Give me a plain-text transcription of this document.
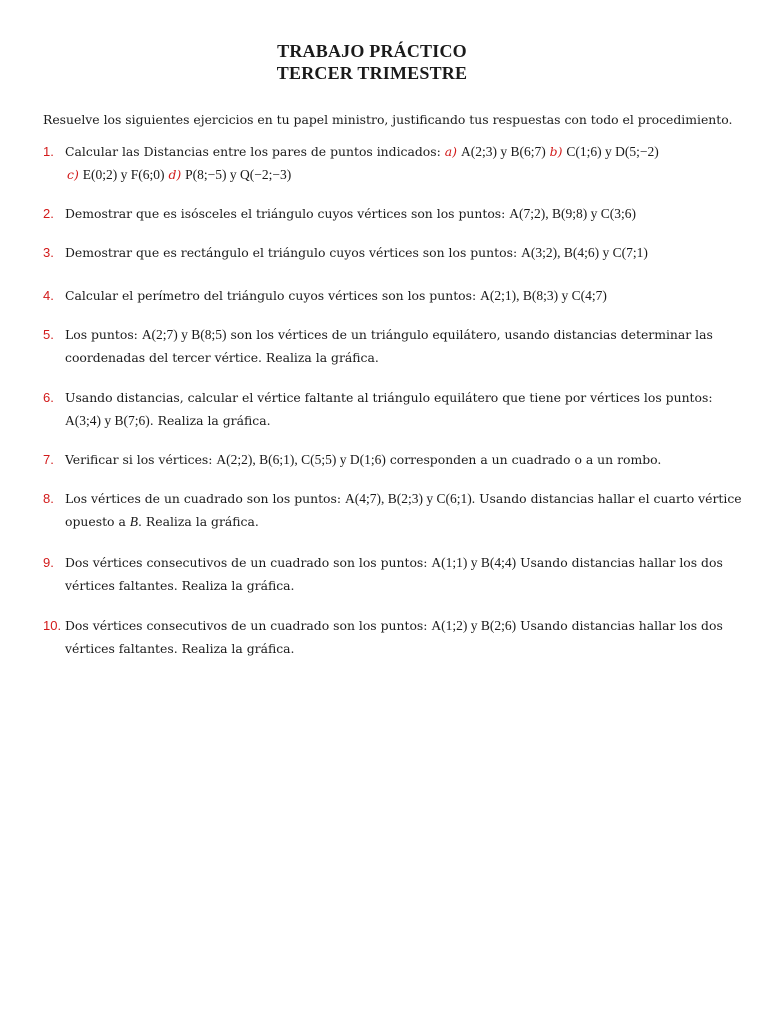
TRABAJO PRÁCTICO
TERCER TRIMESTRE
Resuelve los siguientes ejercicios en tu papel ministro, justificando tus respuestas con todo el procedimiento.
1. Calcular las Distancias entre los pares de puntos indicados: a) A(2;3) y B(6;7) b) C(1;6) y D(5;−2)
c) E(0;2) y F(6;0) d) P(8;−5) y Q(−2;−3)
2. Demostrar que es isósceles el triángulo cuyos vértices son los puntos: A(7;2), B(9;8) y C(3;6)
3. Demostrar que es rectángulo el triángulo cuyos vértices son los puntos: A(3;2), B(4;6) y C(7;1)
4. Calcular el perímetro del triángulo cuyos vértices son los puntos: A(2;1), B(8;3) y C(4;7)
5. Los puntos: A(2;7) y B(8;5) son los vértices de un triángulo equilátero, usando distancias determinar las
coordenadas del tercer vértice. Realiza la gráfica.
6. Usando distancias, calcular el vértice faltante al triángulo equilátero que tiene por vértices los puntos:
A(3;4) y B(7;6). Realiza la gráfica.
7. Verificar si los vértices: A(2;2), B(6;1), C(5;5) y D(1;6) corresponden a un cuadrado o a un rombo.
8. Los vértices de un cuadrado son los puntos: A(4;7), B(2;3) y C(6;1). Usando distancias hallar el cuarto vértice
opuesto a B. Realiza la gráfica.
9. Dos vértices consecutivos de un cuadrado son los puntos: A(1;1) y B(4;4) Usando distancias hallar los dos
vértices faltantes. Realiza la gráfica.
10. Dos vértices consecutivos de un cuadrado son los puntos: A(1;2) y B(2;6) Usando distancias hallar los dos
vértices faltantes. Realiza la gráfica.
